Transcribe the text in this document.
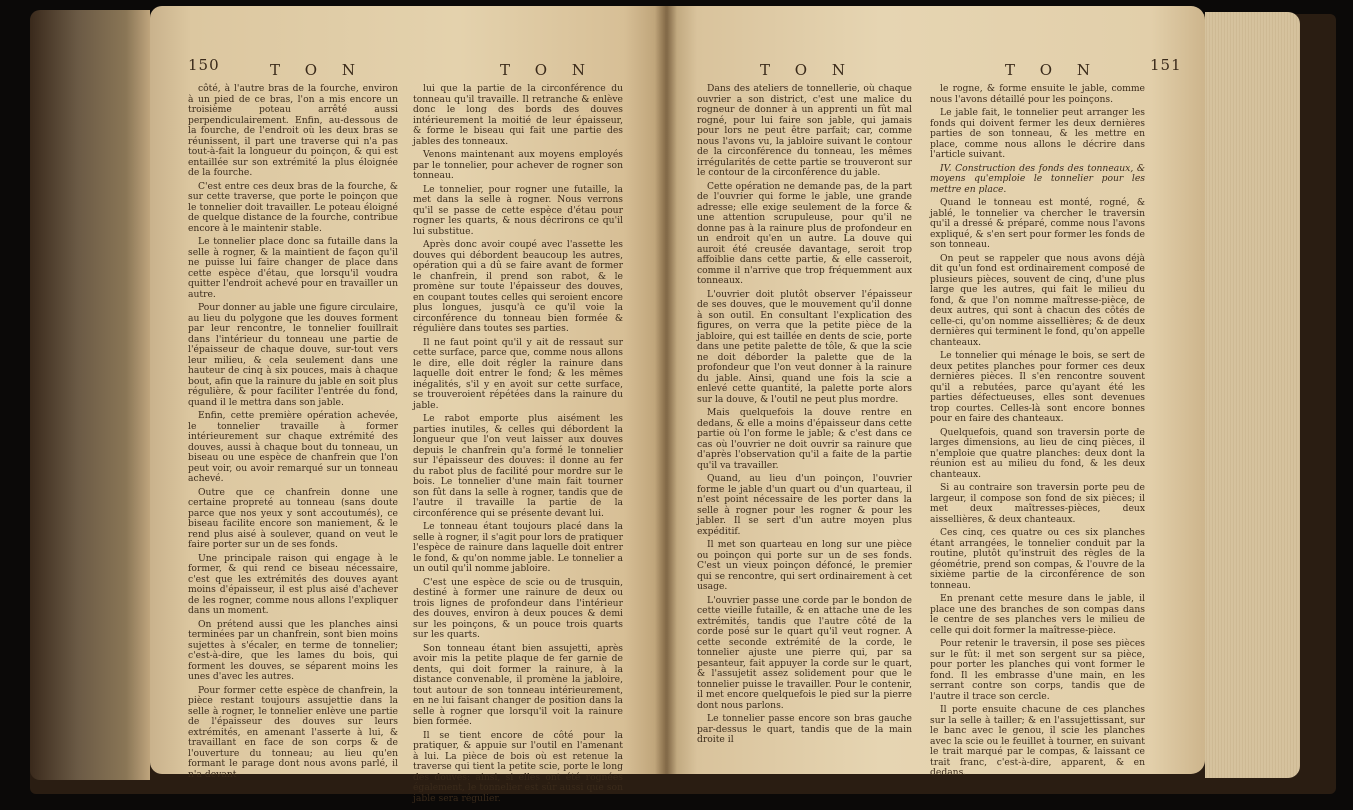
150	T O N	T O N

côté, à l'autre bras de la fourche, environ à un pied de ce bras, l'on a mis encore un troisième poteau arrêté aussi perpendiculairement. Enfin, au-dessous de la fourche, de l'endroit où les deux bras se réunissent, il part une traverse qui n'a pas tout-à-fait la longueur du poinçon, & qui est entaillée sur son extrémité la plus éloignée de la fourche.

C'est entre ces deux bras de la fourche, & sur cette traverse, que porte le poinçon que le tonnelier doit travailler. Le poteau éloigné de quelque distance de la fourche, contribue encore à le maintenir stable.

Le tonnelier place donc sa futaille dans la selle à rogner, & la maintient de façon qu'il ne puisse lui faire changer de place dans cette espèce d'étau, que lorsqu'il voudra quitter l'endroit achevé pour en travailler un autre.

Pour donner au jable une figure circulaire, au lieu du polygone que les douves forment par leur rencontre, le tonnelier fouillrait dans l'intérieur du tonneau une partie de l'épaisseur de chaque douve, sur-tout vers leur milieu, & cela seulement dans une hauteur de cinq à six pouces, mais à chaque bout, afin que la rainure du jable en soit plus régulière, & pour faciliter l'entrée du fond, quand il le mettra dans son jable.

Enfin, cette première opération achevée, le tonnelier travaille à former intérieurement sur chaque extrémité des douves, aussi à chaque bout du tonneau, un biseau ou une espèce de chanfrein que l'on peut voir, ou avoir remarqué sur un tonneau achevé.

Outre que ce chanfrein donne une certaine propreté au tonneau (sans doute parce que nos yeux y sont accoutumés), ce biseau facilite encore son maniement, & le rend plus aisé à soulever, quand on veut le faire porter sur un de ses fonds.

Une principale raison qui engage à le former, & qui rend ce biseau nécessaire, c'est que les extrémités des douves ayant moins d'épaisseur, il est plus aisé d'achever de les rogner, comme nous allons l'expliquer dans un moment.

On prétend aussi que les planches ainsi terminées par un chanfrein, sont bien moins sujettes à s'écaler, en terme de tonnelier; c'est-à-dire, que les lames du bois, qui forment les douves, se séparent moins les unes d'avec les autres.

Pour former cette espèce de chanfrein, la pièce restant toujours assujettie dans la selle à rogner, le tonnelier enlève une partie de l'épaisseur des douves sur leurs extrémités, en amenant l'asserte à lui, & travaillant en face de son corps & de l'ouverture du tonneau; au lieu qu'en formant le parage dont nous avons parlé, il n'a devant

lui que la partie de la circonférence du tonneau qu'il travaille. Il retranche & enlève donc le long des bords des douves intérieurement la moitié de leur épaisseur, & forme le biseau qui fait une partie des jables des tonneaux.

Venons maintenant aux moyens employés par le tonnelier, pour achever de rogner son tonneau.

Le tonnelier, pour rogner une futaille, la met dans la selle à rogner. Nous verrons qu'il se passe de cette espèce d'étau pour rogner les quarts, & nous décrirons ce qu'il lui substitue.

Après donc avoir coupé avec l'assette les douves qui débordent beaucoup les autres, opération qui a dû se faire avant de former le chanfrein, il prend son rabot, & le promène sur toute l'épaisseur des douves, en coupant toutes celles qui seroient encore plus longues, jusqu'à ce qu'il voie la circonférence du tonneau bien formée & régulière dans toutes ses parties.

Il ne faut point qu'il y ait de ressaut sur cette surface, parce que, comme nous allons le dire, elle doit régler la rainure dans laquelle doit entrer le fond; & les mêmes inégalités, s'il y en avoit sur cette surface, se trouveroient répétées dans la rainure du jable.

Le rabot emporte plus aisément les parties inutiles, & celles qui débordent la longueur que l'on veut laisser aux douves depuis le chanfrein qu'a formé le tonnelier sur l'épaisseur des douves: il donne au fer du rabot plus de facilité pour mordre sur le bois. Le tonnelier d'une main fait tourner son fût dans la selle à rogner, tandis que de l'autre il travaille la partie de la circonférence qui se présente devant lui.

Le tonneau étant toujours placé dans la selle à rogner, il s'agit pour lors de pratiquer l'espèce de rainure dans laquelle doit entrer le fond, & qu'on nomme jable. Le tonnelier a un outil qu'il nomme jabloire.

C'est une espèce de scie ou de trusquin, destiné à former une rainure de deux ou trois lignes de profondeur dans l'intérieur des douves, environ à deux pouces & demi sur les poinçons, & un pouce trois quarts sur les quarts.

Son tonneau étant bien assujetti, après avoir mis la petite plaque de fer garnie de dents, qui doit former la rainure, à la distance convenable, il promène la jabloire, tout autour de son tonneau intérieurement, en ne lui faisant changer de position dans la selle à rogner que lorsqu'il voit la rainure bien formée.

Il se tient encore de côté pour la pratiquer, & appuie sur l'outil en l'amenant à lui. La pièce de bois où est retenue la traverse qui tient la petite scie, porte le long des douves: ainsi, si elles ont été rognées également, le tonnelier est sûr aussi que son jable sera régulier.

T O N	T O N	151

Dans des ateliers de tonnellerie, où chaque ouvrier a son district, c'est une malice du rogneur de donner à un apprenti un fût mal rogné, pour lui faire son jable, qui jamais pour lors ne peut être parfait; car, comme nous l'avons vu, la jabloire suivant le contour de la circonférence du tonneau, les mêmes irrégularités de cette partie se trouveront sur le contour de la circonférence du jable.

Cette opération ne demande pas, de la part de l'ouvrier qui forme le jable, une grande adresse; elle exige seulement de la force & une attention scrupuleuse, pour qu'il ne donne pas à la rainure plus de profondeur en un endroit qu'en un autre. La douve qui auroit été creusée davantage, seroit trop affoiblie dans cette partie, & elle casseroit, comme il n'arrive que trop fréquemment aux tonneaux.

L'ouvrier doit plutôt observer l'épaisseur de ses douves, que le mouvement qu'il donne à son outil. En consultant l'explication des figures, on verra que la petite pièce de la jabloire, qui est taillée en dents de scie, porte dans une petite palette de tôle, & que la scie ne doit déborder la palette que de la profondeur que l'on veut donner à la rainure du jable. Ainsi, quand une fois la scie a enlevé cette quantité, la palette porte alors sur la douve, & l'outil ne peut plus mordre.

Mais quelquefois la douve rentre en dedans, & elle a moins d'épaisseur dans cette partie où l'on forme le jable; & c'est dans ce cas où l'ouvrier ne doit ouvrir sa rainure que d'après l'observation qu'il a faite de la partie qu'il va travailler.

Quand, au lieu d'un poinçon, l'ouvrier forme le jable d'un quart ou d'un quarteau, il n'est point nécessaire de les porter dans la selle à rogner pour les rogner & pour les jabler. Il se sert d'un autre moyen plus expéditif.

Il met son quarteau en long sur une pièce ou poinçon qui porte sur un de ses fonds. C'est un vieux poinçon défoncé, le premier qui se rencontre, qui sert ordinairement à cet usage.

L'ouvrier passe une corde par le bondon de cette vieille futaille, & en attache une de les extrémités, tandis que l'autre côté de la corde posé sur le quart qu'il veut rogner. A cette seconde extrémité de la corde, le tonnelier ajuste une pierre qui, par sa pesanteur, fait appuyer la corde sur le quart, & l'assujetit assez solidement pour que le tonnelier puisse le travailler. Pour le contenir, il met encore quelquefois le pied sur la pierre dont nous parlons.

Le tonnelier passe encore son bras gauche par-dessus le quart, tandis que de la main droite il

le rogne, & forme ensuite le jable, comme nous l'avons détaillé pour les poinçons.

Le jable fait, le tonnelier peut arranger les fonds qui doivent fermer les deux dernières parties de son tonneau, & les mettre en place, comme nous allons le décrire dans l'article suivant.

IV. Construction des fonds des tonneaux, & moyens qu'emploie le tonnelier pour les mettre en place.

Quand le tonneau est monté, rogné, & jablé, le tonnelier va chercher le traversin qu'il a dressé & préparé, comme nous l'avons expliqué, & s'en sert pour former les fonds de son tonneau.

On peut se rappeler que nous avons déjà dit qu'un fond est ordinairement composé de plusieurs pièces, souvent de cinq, d'une plus large que les autres, qui fait le milieu du fond, & que l'on nomme maîtresse-pièce, de deux autres, qui sont à chacun des côtés de celle-ci, qu'on nomme aissellières; & de deux dernières qui terminent le fond, qu'on appelle chanteaux.

Le tonnelier qui ménage le bois, se sert de deux petites planches pour former ces deux dernières pièces. Il s'en rencontre souvent qu'il a rebutées, parce qu'ayant été les parties défectueuses, elles sont devenues trop courtes. Celles-là sont encore bonnes pour en faire des chanteaux.

Quelquefois, quand son traversin porte de larges dimensions, au lieu de cinq pièces, il n'emploie que quatre planches: deux dont la réunion est au milieu du fond, & les deux chanteaux.

Si au contraire son traversin porte peu de largeur, il compose son fond de six pièces; il met deux maîtresses-pièces, deux aissellières, & deux chanteaux.

Ces cinq, ces quatre ou ces six planches étant arrangées, le tonnelier conduit par la routine, plutôt qu'instruit des règles de la géométrie, prend son compas, & l'ouvre de la sixième partie de la circonférence de son tonneau.

En prenant cette mesure dans le jable, il place une des branches de son compas dans le centre de ses planches vers le milieu de celle qui doit former la maîtresse-pièce.

Pour retenir le traversin, il pose ses pièces sur le fût: il met son sergent sur sa pièce, pour porter les planches qui vont former le fond. Il les embrasse d'une main, en les serrant contre son corps, tandis que de l'autre il trace son cercle.

Il porte ensuite chacune de ces planches sur la selle à tailler; & en l'assujettissant, sur le banc avec le genou, il scie les planches avec la scie ou le feuillet à tourner, en suivant le trait marqué par le compas, & laissant ce trait franc, c'est-à-dire, apparent, & en dedans.
